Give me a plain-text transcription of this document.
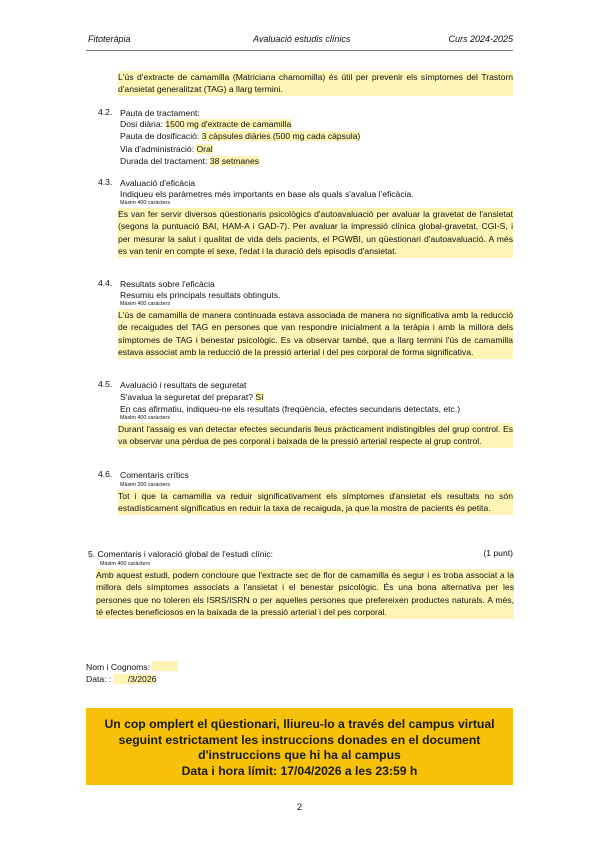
Fitoteràpia	Avaluació estudis clínics	Curs 2024-2025
L'ús d'extracte de camamilla (Matriciana chamomilla) és útil per prevenir els símptomes del Trastorn d'ansietat generalitzat (TAG) a llarg termini.
4.2. Pauta de tractament:
Dosi diària: 1500 mg d'extracte de camamilla
Pauta de dosificació: 3 càpsules diàries (500 mg cada càpsula)
Via d'administració: Oral
Durada del tractament: 38 setmanes
4.3. Avaluació d'eficàcia
Indiqueu els paràmetres més importants en base als quals s'avalua l'eficàcia.
Màxim 400 caràcters
Es van fer servir diversos qüestionaris psicològics d'autoavaluació per avaluar la gravetat de l'ansietat (segons la puntuació BAI, HAM-A i GAD-7). Per avaluar la impressió clínica global-gravetat, CGI-S, i per mesurar la salut i qualitat de vida dels pacients, el PGWBI, un qüestionari d'autoavaluació. A més es van tenir en compte el sexe, l'edat i la duració dels episodis d'ansietat.
4.4. Resultats sobre l'eficàcia
Resumiu els principals resultats obtinguts.
Màxim 400 caràcters
L'ús de camamilla de manera continuada estava associada de manera no significativa amb la reducció de recaigudes del TAG en persones que van respondre inicialment a la teràpia i amb la millora dels símptomes de TAG i benestar psicològic. Es va observar també, que a llarg termini l'ús de camamilla estava associat amb la reducció de la pressió arterial i del pes corporal de forma significativa.
4.5. Avaluació i resultats de seguretat
S'avalua la seguretat del preparat? Sí
En cas afirmatiu, indiqueu-ne els resultats (freqüència, efectes secundaris detectats, etc.)
Màxim 400 caràcters
Durant l'assaig es van detectar efectes secundaris lleus pràcticament indistingibles del grup control. Es va observar una pèrdua de pes corporal i baixada de la pressió arterial respecte al grup control.
4.6. Comentaris crítics
Màxim 200 caràcters
Tot i que la camamilla va reduir significativament els símptomes d'ansietat els resultats no són estadísticament significatius en reduir la taxa de recaiguda, ja que la mostra de pacients és petita.
5. Comentaris i valoració global de l'estudi clínic:	(1 punt)
Màxim 400 caràcters
Amb aquest estudi, podem concloure que l'extracte sec de flor de camamilla és segur i es troba associat a la millora dels símptomes associats a l'ansietat i el benestar psicològic. És una bona alternativa per les persones que no toleren els ISRS/ISRN o per aquelles persones que prefereixen productes naturals. A més, té efectes beneficiosos en la baixada de la pressió arterial i del pes corporal.
Nom i Cognoms:
Data: : /3/2026
Un cop omplert el qüestionari, lliureu-lo a través del campus virtual
seguint estrictament les instruccions donades en el document
d'instruccions que hi ha al campus
Data i hora límit: 17/04/2026 a les 23:59 h
2
